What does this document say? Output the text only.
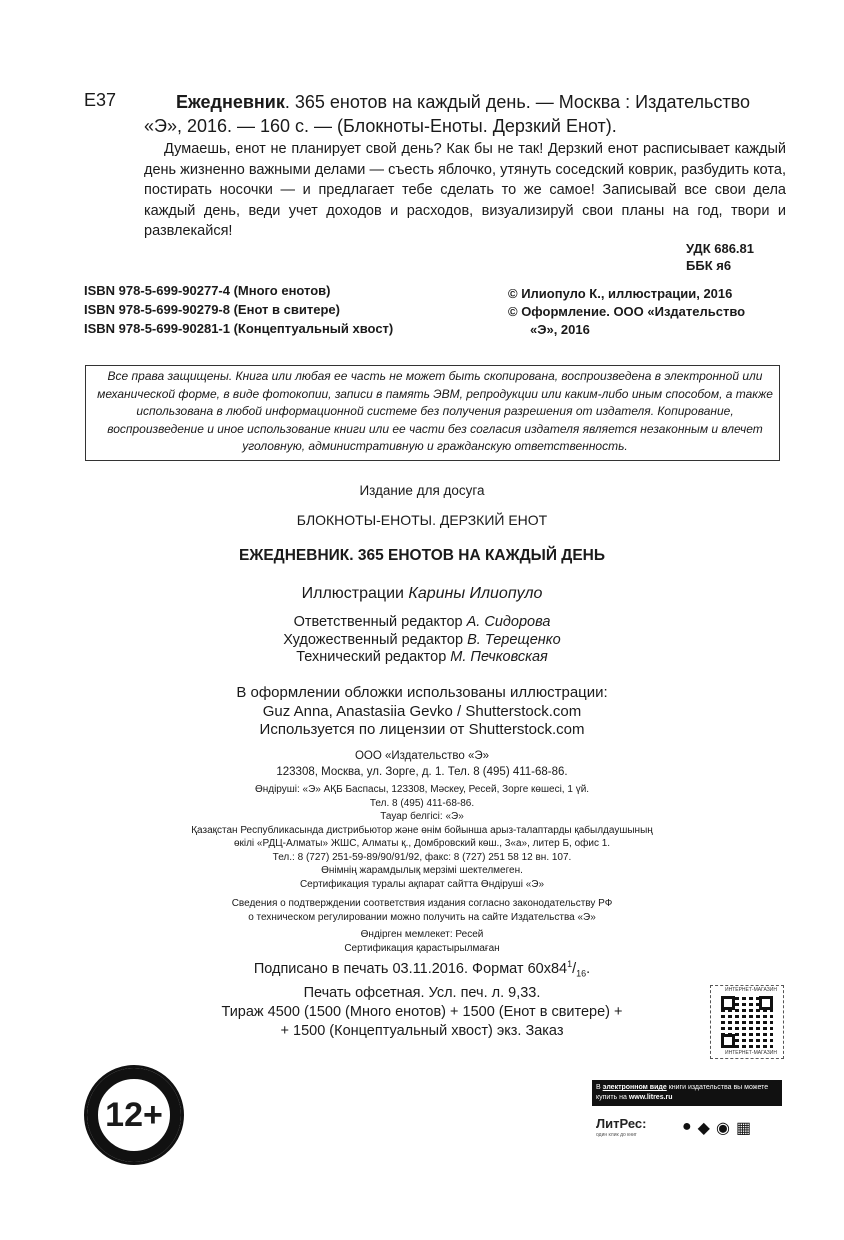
Е37	Ежедневник. 365 енотов на каждый день. — Москва : Издательство
«Э», 2016. — 160 с. — (Блокноты-Еноты. Дерзкий Енот).
Думаешь, енот не планирует свой день? Как бы не так! Дерзкий енот расписывает каждый день жизненно важными делами — съесть яблочко, утянуть соседский коврик, разбудить кота, постирать носочки — и предлагает тебе сделать то же самое! Записывай все свои дела каждый день, веди учет доходов и расходов, визуализируй свои планы на год, твори и развлекайся!
УДК 686.81
ББК я6
ISBN 978-5-699-90277-4 (Много енотов)
ISBN 978-5-699-90279-8 (Енот в свитере)
ISBN 978-5-699-90281-1 (Концептуальный хвост)
© Илиопуло К., иллюстрации, 2016
© Оформление. ООО «Издательство
«Э», 2016
Все права защищены. Книга или любая ее часть не может быть скопирована, воспроизведена в электронной или механической форме, в виде фотокопии, записи в память ЭВМ, репродукции или каким-либо иным способом, а также использована в любой информационной системе без получения разрешения от издателя. Копирование, воспроизведение и иное использование книги или ее части без согласия издателя является незаконным и влечет уголовную, административную и гражданскую ответственность.
Издание для досуга
БЛОКНОТЫ-ЕНОТЫ. ДЕРЗКИЙ ЕНОТ
ЕЖЕДНЕВНИК. 365 ЕНОТОВ НА КАЖДЫЙ ДЕНЬ
Иллюстрации Карины Илиопуло
Ответственный редактор А. Сидорова
Художественный редактор В. Терещенко
Технический редактор М. Печковская
В оформлении обложки использованы иллюстрации:
Guz Anna, Anastasiia Gevko / Shutterstock.com
Используется по лицензии от Shutterstock.com
ООО «Издательство «Э»
123308, Москва, ул. Зорге, д. 1. Тел. 8 (495) 411-68-86.
Өндіруші: «Э» АҚБ Баспасы, 123308, Мәскеу, Ресей, Зорге көшесі, 1 үй.
Тел. 8 (495) 411-68-86.
Тауар белгісі: «Э»
Қазақстан Республикасында дистрибьютор және өнім бойынша арыз-талаптарды қабылдаушының
өкілі «РДЦ-Алматы» ЖШС, Алматы қ., Домбровский көш., 3«а», литер Б, офис 1.
Тел.: 8 (727) 251-59-89/90/91/92, факс: 8 (727) 251 58 12 вн. 107.
Өнімнің жарамдылық мерзімі шектелмеген.
Сертификация туралы ақпарат сайтта Өндіруші «Э»
Сведения о подтверждении соответствия издания согласно законодательству РФ
о техническом регулировании можно получить на сайте Издательства «Э»
Өндірген мемлекет: Ресей
Сертификация қарастырылмаған
Подписано в печать 03.11.2016. Формат $60x84^1/_{16}$.
Печать офсетная. Усл. печ. л. 9,33.
Тираж 4500 (1500 (Много енотов) + 1500 (Енот в свитере) +
+ 1500 (Концептуальный хвост) экз. Заказ
12+
ИНТЕРНЕТ-МАГАЗИН
ИНТЕРНЕТ-МАГАЗИН
В электронном виде книги издательства вы можете
купить на www.litres.ru
ЛитРес:
один клик до книг	● ◆ ◉ ▦
